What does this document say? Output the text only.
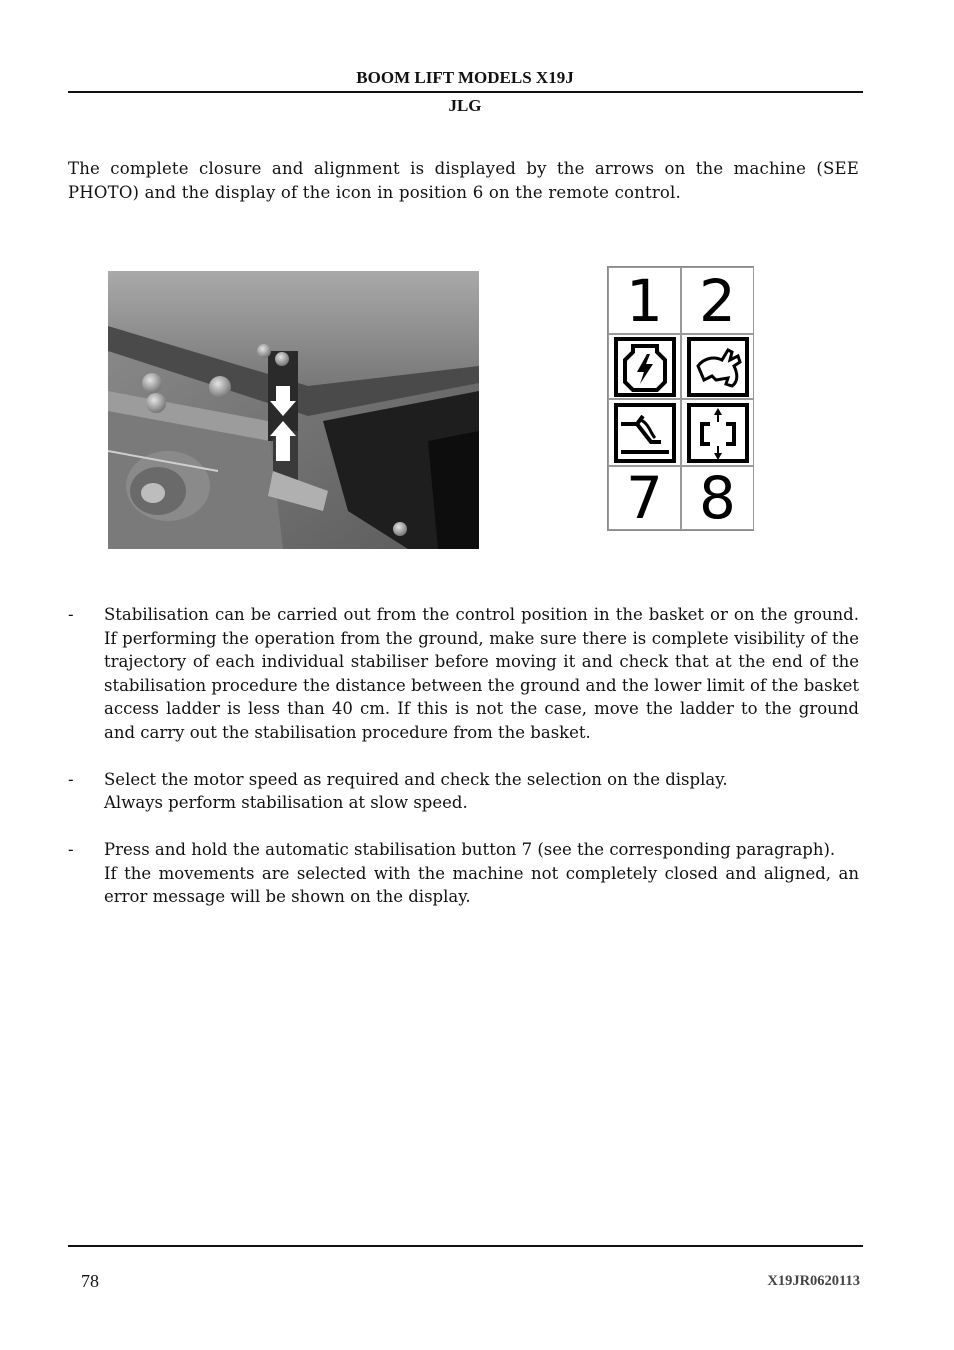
BOOM LIFT MODELS X19J
JLG
The complete closure and alignment is displayed by the arrows on the machine (SEE PHOTO) and the display of the icon in position 6 on the remote control.
1 2
7 8
- Stabilisation can be carried out from the control position in the basket or on the ground. If performing the operation from the ground, make sure there is complete visibility of the trajectory of each individual stabiliser before moving it and check that at the end of the stabilisation procedure the distance between the ground and the lower limit of the basket access ladder is less than 40 cm. If this is not the case, move the ladder to the ground and carry out the stabilisation procedure from the basket.

- Select the motor speed as required and check the selection on the display.

Always perform stabilisation at slow speed.

- Press and hold the automatic stabilisation button 7 (see the corresponding paragraph).

If the movements are selected with the machine not completely closed and aligned, an error message will be shown on the display.

78	X19JR0620113
